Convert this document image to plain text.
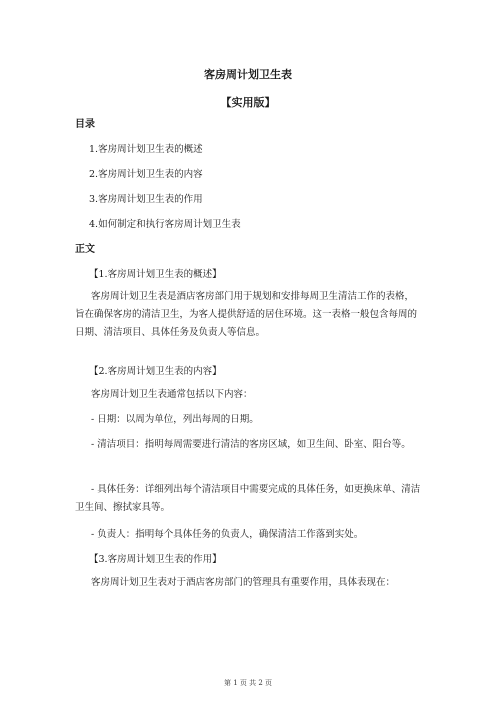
客房周计划卫生表
【实用版】
目录
1.客房周计划卫生表的概述
2.客房周计划卫生表的内容
3.客房周计划卫生表的作用
4.如何制定和执行客房周计划卫生表
正文
【1.客房周计划卫生表的概述】
客房周计划卫生表是酒店客房部门用于规划和安排每周卫生清洁工作的表格，旨在确保客房的清洁卫生，为客人提供舒适的居住环境。这一表格一般包含每周的日期、清洁项目、具体任务及负责人等信息。
【2.客房周计划卫生表的内容】
客房周计划卫生表通常包括以下内容：
- 日期：以周为单位，列出每周的日期。
- 清洁项目：指明每周需要进行清洁的客房区域，如卫生间、卧室、阳台等。
- 具体任务：详细列出每个清洁项目中需要完成的具体任务，如更换床单、清洁卫生间、擦拭家具等。
- 负责人：指明每个具体任务的负责人，确保清洁工作落到实处。
【3.客房周计划卫生表的作用】
客房周计划卫生表对于酒店客房部门的管理具有重要作用，具体表现在：
第 1 页 共 2 页
